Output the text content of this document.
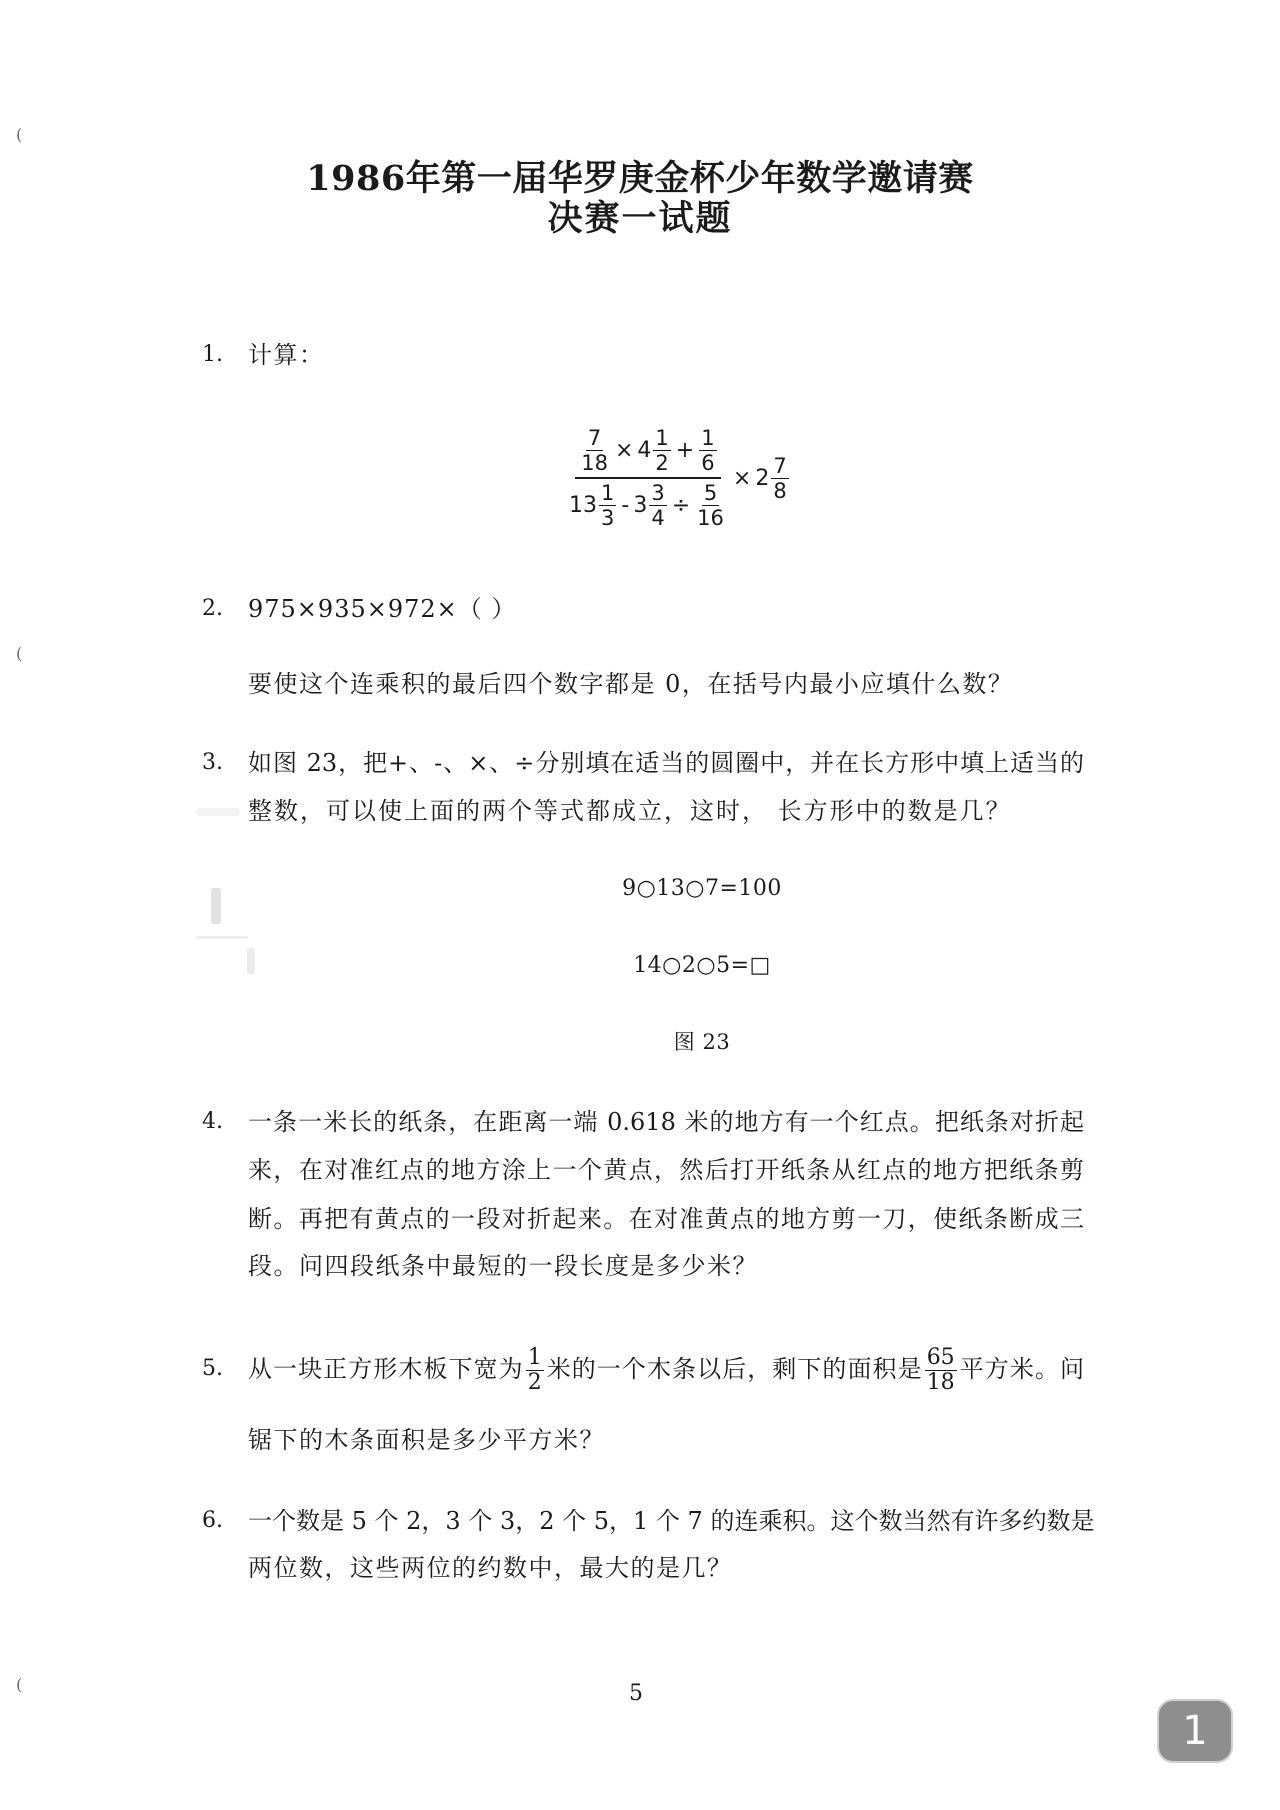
(
(
(
1986年第一届华罗庚金杯少年数学邀请赛
决赛一试题
1. 计算：
$\frac{7}{18} \times 4 \frac{1}{2} + \frac{1}{6}$
$13 \frac{1}{3} - 3 \frac{3}{4} \div \frac{5}{16}$
× $2 \frac{7}{8}$
2. 975×935×972×（ ）
要使这个连乘积的最后四个数字都是 0，在括号内最小应填什么数？
3. 如图 23，把+、-、×、÷分别填在适当的圆圈中，并在长方形中填上适当的
整数，可以使上面的两个等式都成立，这时， 长方形中的数是几？
9○13○7=100
14○2○5=□
图 23
4. 一条一米长的纸条，在距离一端 0.618 米的地方有一个红点。把纸条对折起
来，在对准红点的地方涂上一个黄点，然后打开纸条从红点的地方把纸条剪
断。再把有黄点的一段对折起来。在对准黄点的地方剪一刀，使纸条断成三
段。问四段纸条中最短的一段长度是多少米？
5. 从一块正方形木板下宽为 $\frac{1}{2}$ 米的一个木条以后，剩下的面积是 $\frac{65}{18}$ 平方米。问
锯下的木条面积是多少平方米？
6. 一个数是 5 个 2，3 个 3，2 个 5，1 个 7 的连乘积。这个数当然有许多约数是
两位数，这些两位的约数中，最大的是几？
5
1
